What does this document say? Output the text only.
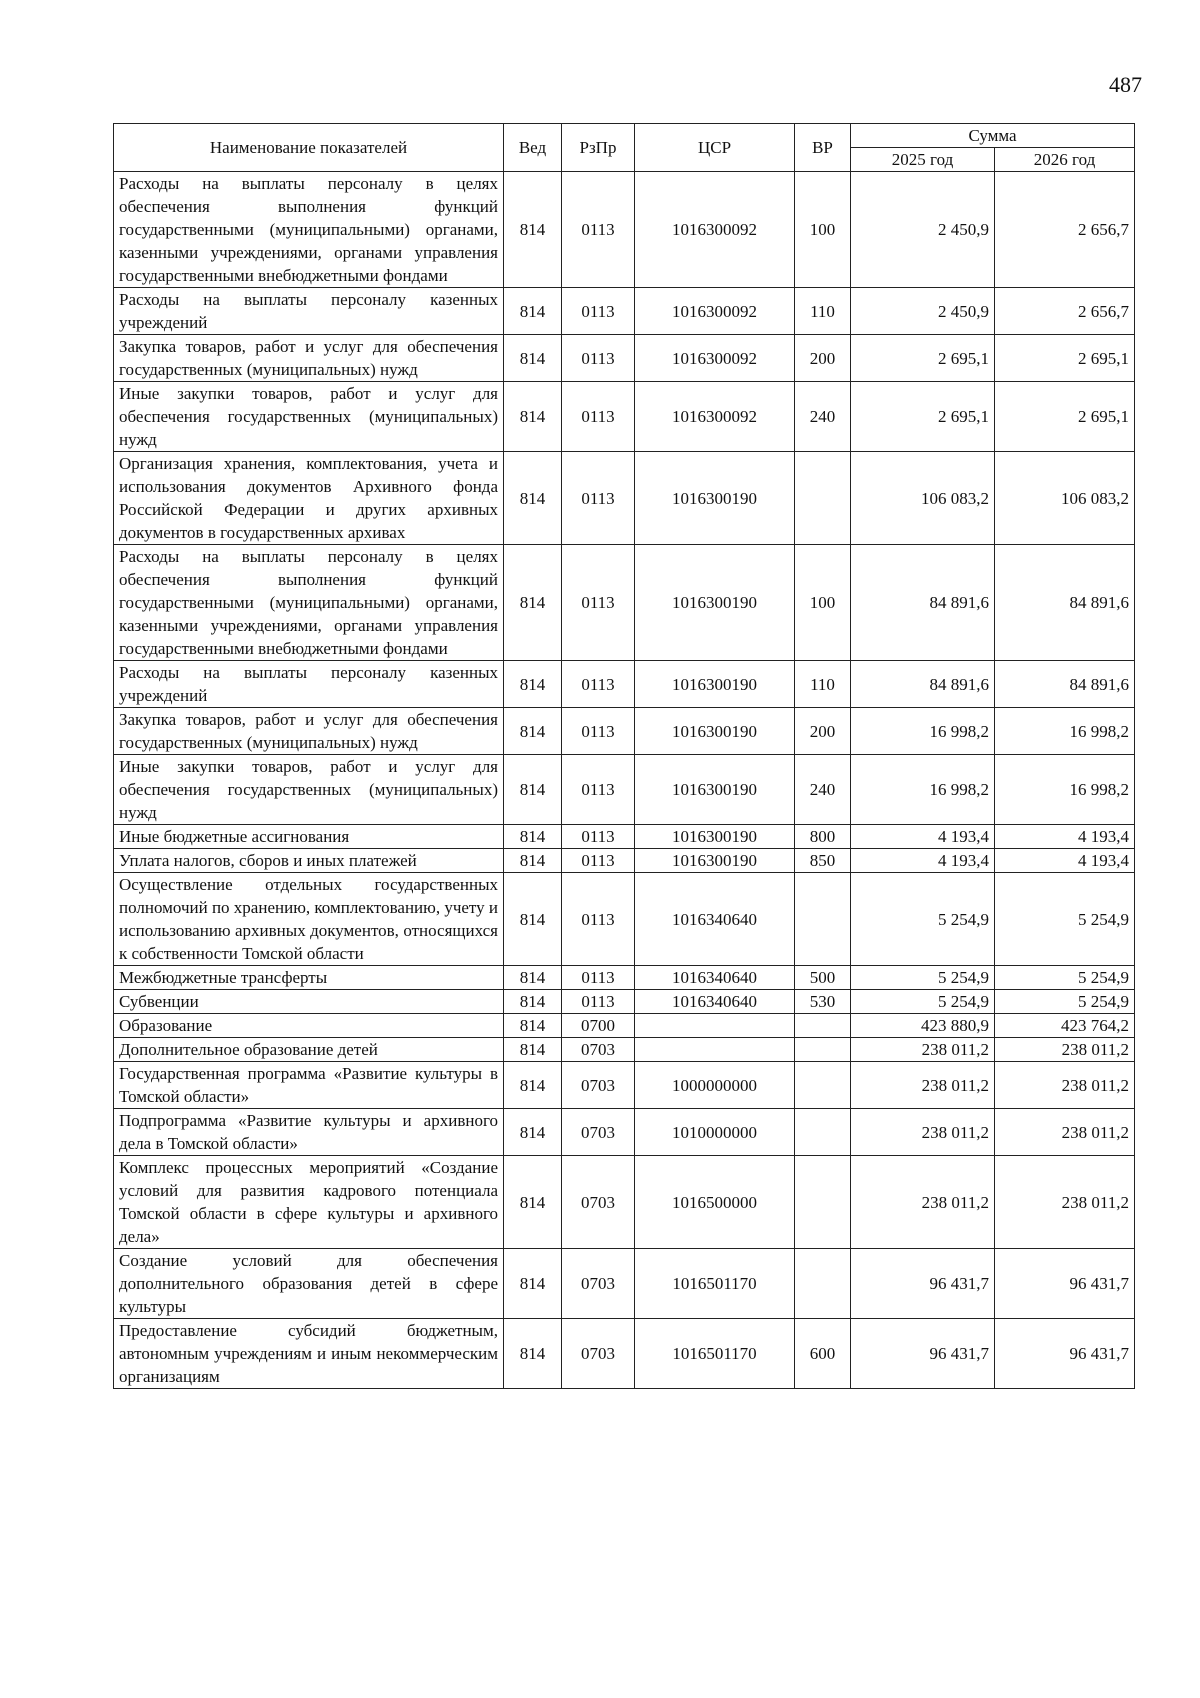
487
Наименование показателей	Вед	РзПр	ЦСР	ВР	Сумма	
					2025 год	2026 год
Расходы на выплаты персоналу в целях обеспечения выполнения функций государственными (муниципальными) органами, казенными учреждениями, органами управления государственными внебюджетными фондами	814	0113	1016300092	100	2 450,9	2 656,7
Расходы на выплаты персоналу казенных учреждений	814	0113	1016300092	110	2 450,9	2 656,7
Закупка товаров, работ и услуг для обеспечения государственных (муниципальных) нужд	814	0113	1016300092	200	2 695,1	2 695,1
Иные закупки товаров, работ и услуг для обеспечения государственных (муниципальных) нужд	814	0113	1016300092	240	2 695,1	2 695,1
Организация хранения, комплектования, учета и использования документов Архивного фонда Российской Федерации и других архивных документов в государственных архивах	814	0113	1016300190		106 083,2	106 083,2
Расходы на выплаты персоналу в целях обеспечения выполнения функций государственными (муниципальными) органами, казенными учреждениями, органами управления государственными внебюджетными фондами	814	0113	1016300190	100	84 891,6	84 891,6
Расходы на выплаты персоналу казенных учреждений	814	0113	1016300190	110	84 891,6	84 891,6
Закупка товаров, работ и услуг для обеспечения государственных (муниципальных) нужд	814	0113	1016300190	200	16 998,2	16 998,2
Иные закупки товаров, работ и услуг для обеспечения государственных (муниципальных) нужд	814	0113	1016300190	240	16 998,2	16 998,2
Иные бюджетные ассигнования	814	0113	1016300190	800	4 193,4	4 193,4
Уплата налогов, сборов и иных платежей	814	0113	1016300190	850	4 193,4	4 193,4
Осуществление отдельных государственных полномочий по хранению, комплектованию, учету и использованию архивных документов, относящихся к собственности Томской области	814	0113	1016340640		5 254,9	5 254,9
Межбюджетные трансферты	814	0113	1016340640	500	5 254,9	5 254,9
Субвенции	814	0113	1016340640	530	5 254,9	5 254,9
Образование	814	0700			423 880,9	423 764,2
Дополнительное образование детей	814	0703			238 011,2	238 011,2
Государственная программа «Развитие культуры в Томской области»	814	0703	1000000000		238 011,2	238 011,2
Подпрограмма «Развитие культуры и архивного дела в Томской области»	814	0703	1010000000		238 011,2	238 011,2
Комплекс процессных мероприятий «Создание условий для развития кадрового потенциала Томской области в сфере культуры и архивного дела»	814	0703	1016500000		238 011,2	238 011,2
Создание условий для обеспечения дополнительного образования детей в сфере культуры	814	0703	1016501170		96 431,7	96 431,7
Предоставление субсидий бюджетным, автономным учреждениям и иным некоммерческим организациям	814	0703	1016501170	600	96 431,7	96 431,7
